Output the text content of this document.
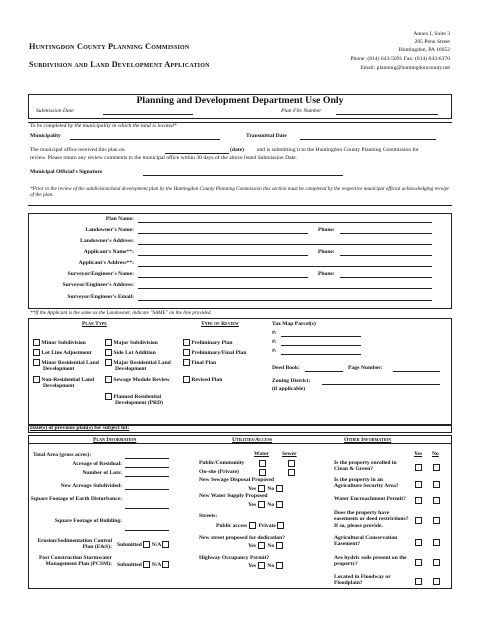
Huntingdon County Planning Commission
Subdivision and Land Development Application
Annex I, Suite 3
205 Penn Street
Huntingdon, PA 16652
Phone: (814) 643-5091 Fax: (814) 643-6370
Email: planning@huntingdoncounty.net
Planning and Development Department Use Only
Submission Date	Plan File Number
To be completed by the municipality in which the land is located*
Municipality	Transmittal Date
The municipal office received this plan on	(date) and is submitting it to the Huntingdon County Planning Commission for
review. Please return any review comments to the municipal office within 30 days of the above listed Submission Date.
Municipal Official's Signature
*Prior to the review of the subdivision/land development plan by the Huntingdon County Planning Commission this section must be completed by the respective municipal official acknowledging receipt of the plan.
Plan Name:
Landowner's Name:	Phone:
Landowner's Address:
Applicant's Name**:	Phone:
Applicant's Address**:
Surveyor/Engineer's Name:	Phone:
Surveyor/Engineer's Address:
Surveyor/Engineer's Email:
**If the Applicant is the same as the Landowner, indicate "SAME" on the line provided.
Plan Type
Minor Subdivision
Lot Line Adjustment
Minor Residential Land Development
Non-Residential Land Development
Major Subdivision
Side Lot Addition
Major Residential Land Development
Sewage Module Review
Planned Residential Development (PRD)
Type of Review
Preliminary Plan
Preliminary/Final Plan
Final Plan
Revised Plan
Tax Map Parcel(s)
#:
#:
#:
Deed Book:	Page Number:
Zoning District:
(if applicable)
Date(s) of previous plan(s) for subject lot:
Plan Information	Utilities/Access	Other Information
Total Area (gross acres):
Acreage of Residual:
Number of Lots:
New Acreage Subdivided:
Square Footage of Earth Disturbance:
Square Footage of Building:
Erosion/Sedimentation Control Plan (E&S): Submitted N/A
Post Construction Stormwater Management Plan (PCSM): Submitted N/A
Water Sewer
Public/Community
On-site (Private)
New Sewage Disposal Proposed
Yes No
New Water Supply Proposed
Yes No
Streets:
Public access Private
New street proposed for dedication?
Yes No
Highway Occupancy Permit?
Yes No
Yes No
Is the property enrolled in Clean & Green?
Is the property in an Agriculture Security Area?
Water Encroachment Permit?
Does the property have easements or deed restrictions? If so, please provide.
Agricultural Conservation Easement?
Are hydric soils present on the property?
Located in Floodway or Floodplain?
